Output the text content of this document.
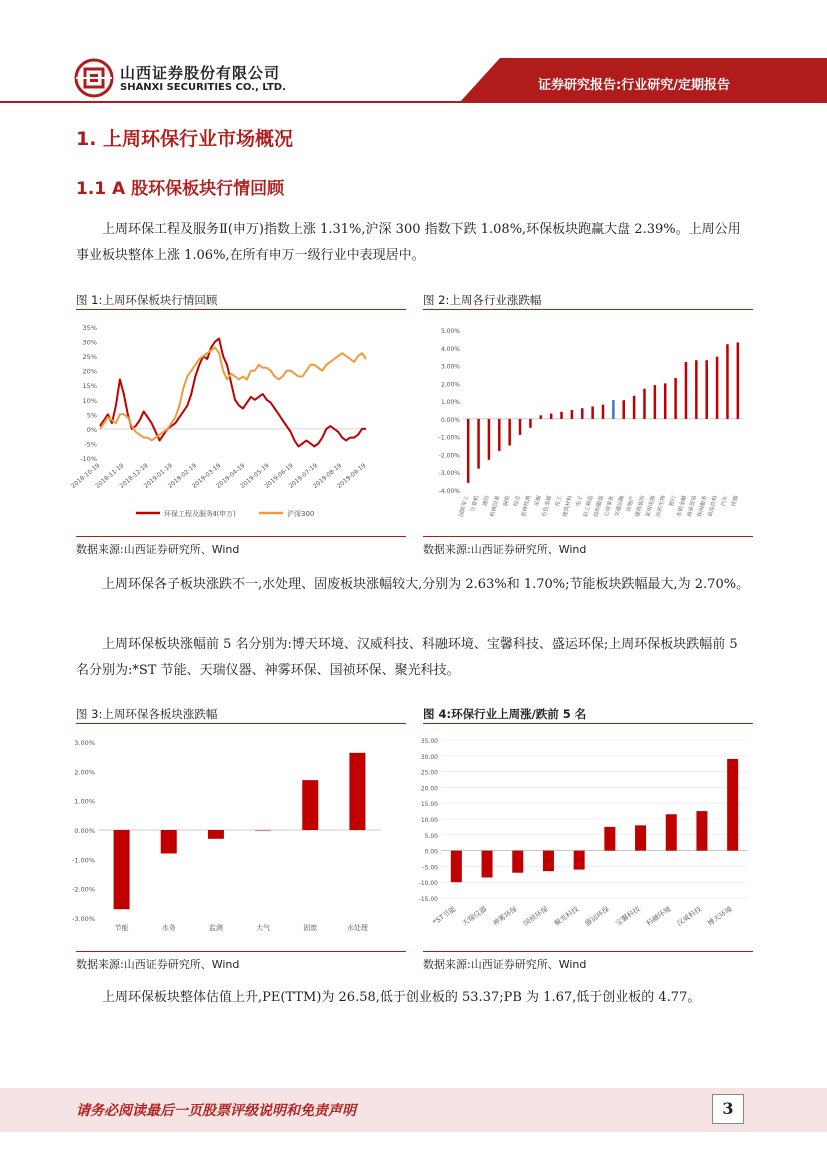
山西证券股份有限公司
SHANXI SECURITIES CO., LTD.	证券研究报告:行业研究/定期报告
1. 上周环保行业市场概况
1.1 A 股环保板块行情回顾
上周环保工程及服务Ⅱ(申万)指数上涨 1.31%,沪深 300 指数下跌 1.08%,环保板块跑赢大盘 2.39%。上周公用事业板块整体上涨 1.06%,在所有申万一级行业中表现居中。
图 1:上周环保板块行情回顾	图 2:上周各行业涨跌幅
35%
30%
25%
20%
15%
10%
5%
0%
-5%
-10%
2018-10-19
2018-11-19
2018-12-19
2019-01-19
2019-02-19
2019-03-19
2019-04-19
2019-05-19
2019-06-19
2019-07-19
2019-08-19
2019-09-19
环保工程及服务Ⅱ(申万)	沪深300
5.00%
4.00%
3.00%
2.00%
1.00%
0.00%
-1.00%
-2.00%
-3.00%
-4.00%
国防军工 计算机 通信
机械设备 钢铁 综合
农林牧渔 采掘
有色金属 化工
建筑材料 电子
轻工制造
纺织服装
公用事业
交通运输 房地产
建筑装饰
家用电器
医药生物 银行
非银金融
商业贸易
休闲服务
食品饮料 汽车 传媒
数据来源:山西证券研究所、Wind	数据来源:山西证券研究所、Wind
上周环保各子板块涨跌不一,水处理、固废板块涨幅较大,分别为 2.63%和 1.70%;节能板块跌幅最大,为 2.70%。
上周环保板块涨幅前 5 名分别为:博天环境、汉威科技、科融环境、宝馨科技、盛运环保;上周环保板块跌幅前 5 名分别为:*ST 节能、天瑞仪器、神雾环保、国祯环保、聚光科技。
图 3:上周环保各板块涨跌幅	图 4:环保行业上周涨/跌前 5 名
3.00%
2.00%
1.00%
0.00%
-1.00%
-2.00%
-3.00%
节能	水务	监测	大气	固废	水处理
35.00
30.00
25.00
20.00
15.00
10.00
5.00
0.00
-5.00
-10.00
-15.00
*ST节能 天瑞仪器 神雾环保 国祯环保 聚光科技 盛运环保 宝馨科技 科融环境 汉威科技 博天环境
数据来源:山西证券研究所、Wind	数据来源:山西证券研究所、Wind
上周环保板块整体估值上升,PE(TTM)为 26.58,低于创业板的 53.37;PB 为 1.67,低于创业板的 4.77。
请务必阅读最后一页股票评级说明和免责声明	3
